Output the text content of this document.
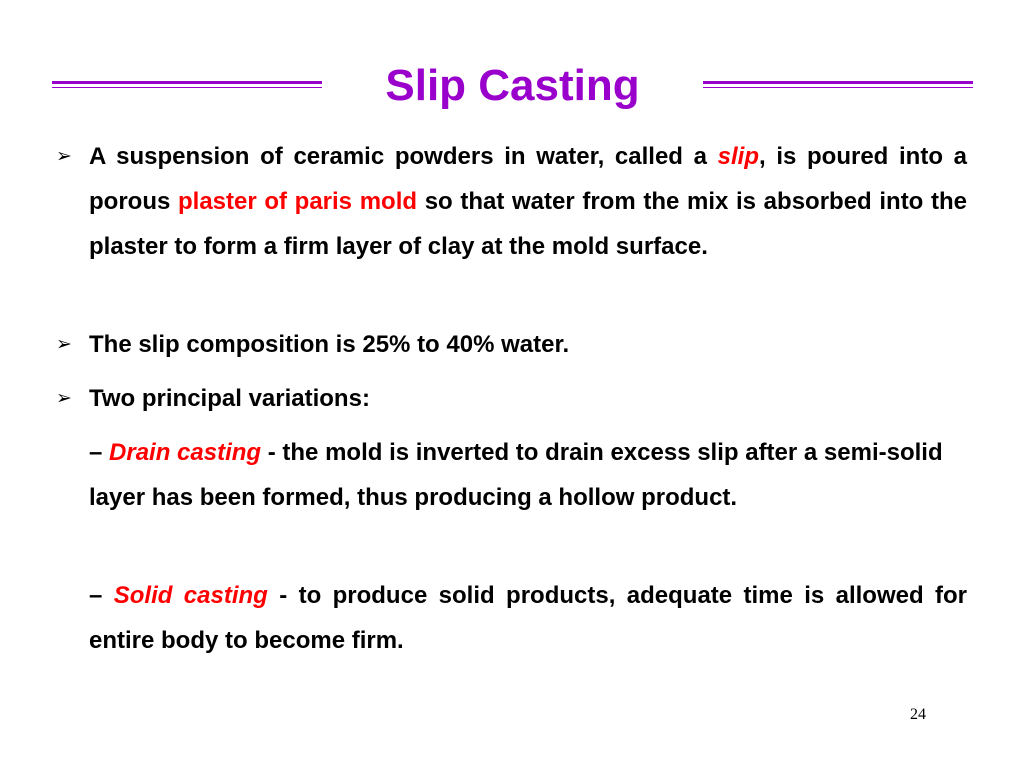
Slip Casting
➢ A suspension of ceramic powders in water, called a slip, is poured into a porous plaster of paris mold so that water from the mix is absorbed into the plaster to form a firm layer of clay at the mold surface.

➢ The slip composition is 25% to 40% water.

➢ Two principal variations:

– Drain casting - the mold is inverted to drain excess slip after a semi-solid layer has been formed, thus producing a hollow product.

– Solid casting - to produce solid products, adequate time is allowed for entire body to become firm.

24
